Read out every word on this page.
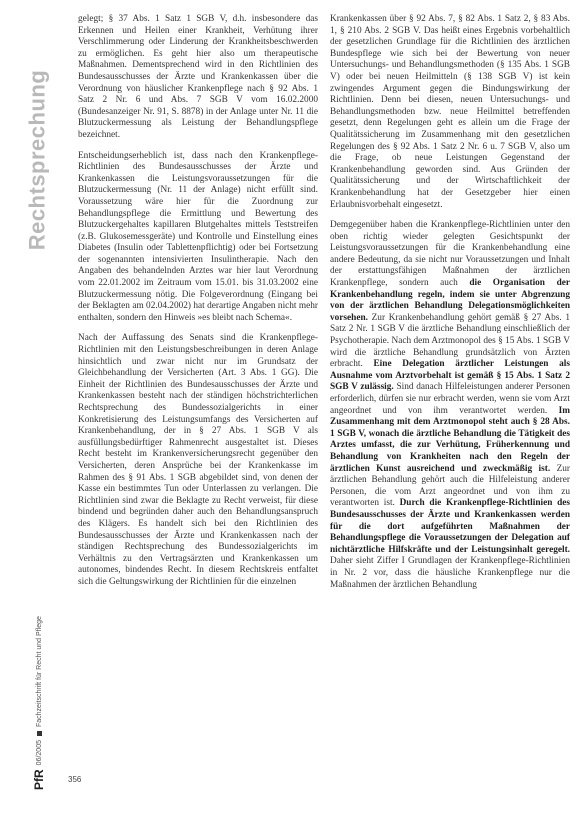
Rechtsprechung
PfR
06/2005
Fachzeitschrift für Recht und Pflege
356

gelegt; § 37 Abs. 1 Satz 1 SGB V, d.h. insbesondere das Erkennen und Heilen einer Krankheit, Verhütung ihrer Verschlimmerung oder Linderung der Krankheitsbeschwerden zu ermöglichen. Es geht hier also um therapeutische Maßnahmen. Dementsprechend wird in den Richtlinien des Bundesausschusses der Ärzte und Krankenkassen über die Verordnung von häuslicher Krankenpflege nach § 92 Abs. 1 Satz 2 Nr. 6 und Abs. 7 SGB V vom 16.02.2000 (Bundesanzeiger Nr. 91, S. 8878) in der Anlage unter Nr. 11 die Blutzuckermessung als Leistung der Behandlungspflege bezeichnet.

Entscheidungserheblich ist, dass nach den Krankenpflege-Richtlinien des Bundesausschusses der Ärzte und Krankenkassen die Leistungsvoraussetzungen für die Blutzuckermessung (Nr. 11 der Anlage) nicht erfüllt sind. Voraussetzung wäre hier für die Zuordnung zur Behandlungspflege die Ermittlung und Bewertung des Blutzuckergehaltes kapillaren Blutgehaltes mittels Teststreifen (z.B. Glukosemessgeräte) und Kontrolle und Einstellung eines Diabetes (Insulin oder Tablettenpflichtig) oder bei Fortsetzung der sogenannten intensivierten Insulintherapie. Nach den Angaben des behandelnden Arztes war hier laut Verordnung vom 22.01.2002 im Zeitraum vom 15.01. bis 31.03.2002 eine Blutzuckermessung nötig. Die Folgeverordnung (Eingang bei der Beklagten am 02.04.2002) hat derartige Angaben nicht mehr enthalten, sondern den Hinweis »es bleibt nach Schema«.

Nach der Auffassung des Senats sind die Krankenpflege-Richtlinien mit den Leistungsbeschreibungen in deren Anlage hinsichtlich und zwar nicht nur im Grundsatz der Gleichbehandlung der Versicherten (Art. 3 Abs. 1 GG). Die Einheit der Richtlinien des Bundesausschusses der Ärzte und Krankenkassen besteht nach der ständigen höchstrichterlichen Rechtsprechung des Bundessozialgerichts in einer Konkretisierung des Leistungsumfangs des Versicherten auf Krankenbehandlung, der in § 27 Abs. 1 SGB V als ausfüllungsbedürftiger Rahmenrecht ausgestaltet ist. Dieses Recht besteht im Krankenversicherungsrecht gegenüber den Versicherten, deren Ansprüche bei der Krankenkasse im Rahmen des § 91 Abs. 1 SGB abgebildet sind, von denen der Kasse ein bestimmtes Tun oder Unterlassen zu verlangen. Die Richtlinien sind zwar die Beklagte zu Recht verweist, für diese bindend und begründen daher auch den Behandlungsanspruch des Klägers. Es handelt sich bei den Richtlinien des Bundesausschusses der Ärzte und Krankenkassen nach der ständigen Rechtsprechung des Bundessozialgerichts im Verhältnis zu den Vertragsärzten und Krankenkassen um autonomes, bindendes Recht. In diesem Rechtskreis entfaltet sich die Geltungswirkung der Richtlinien für die einzelnen

Krankenkassen über § 92 Abs. 7, § 82 Abs. 1 Satz 2, § 83 Abs. 1, § 210 Abs. 2 SGB V. Das heißt eines Ergebnis vorbehaltlich der gesetzlichen Grundlage für die Richtlinien des ärztlichen Bundespflege wie sich bei der Bewertung von neuer Untersuchungs- und Behandlungsmethoden (§ 135 Abs. 1 SGB V) oder bei neuen Heilmitteln (§ 138 SGB V) ist kein zwingendes Argument gegen die Bindungswirkung der Richtlinien. Denn bei diesen, neuen Untersuchungs- und Behandlungsmethoden bzw. neue Heilmittel betreffenden gesetzt, denn Regelungen geht es allein um die Frage der Qualitätssicherung im Zusammenhang mit den gesetzlichen Regelungen des § 92 Abs. 1 Satz 2 Nr. 6 u. 7 SGB V, also um die Frage, ob neue Leistungen Gegenstand der Krankenbehandlung geworden sind. Aus Gründen der Qualitätssicherung und der Wirtschaftlichkeit der Krankenbehandlung hat der Gesetzgeber hier einen Erlaubnisvorbehalt eingesetzt.

Demgegenüber haben die Krankenpflege-Richtlinien unter den oben richtig wieder gelegten Gesichtspunkt der Leistungsvoraussetzungen für die Krankenbehandlung eine andere Bedeutung, da sie nicht nur Voraussetzungen und Inhalt der erstattungsfähigen Maßnahmen der ärztlichen Krankenpflege, sondern auch die Organisation der Krankenbehandlung regeln, indem sie unter Abgrenzung von der ärztlichen Behandlung Delegationsmöglichkeiten vorsehen. Zur Krankenbehandlung gehört gemäß § 27 Abs. 1 Satz 2 Nr. 1 SGB V die ärztliche Behandlung einschließlich der Psychotherapie. Nach dem Arztmonopol des § 15 Abs. 1 SGB V wird die ärztliche Behandlung grundsätzlich von Ärzten erbracht. Eine Delegation ärztlicher Leistungen als Ausnahme vom Arztvorbehalt ist gemäß § 15 Abs. 1 Satz 2 SGB V zulässig. Sind danach Hilfeleistungen anderer Personen erforderlich, dürfen sie nur erbracht werden, wenn sie vom Arzt angeordnet und von ihm verantwortet werden. Im Zusammenhang mit dem Arztmonopol steht auch § 28 Abs. 1 SGB V, wonach die ärztliche Behandlung die Tätigkeit des Arztes umfasst, die zur Verhütung, Früherkennung und Behandlung von Krankheiten nach den Regeln der ärztlichen Kunst ausreichend und zweckmäßig ist. Zur ärztlichen Behandlung gehört auch die Hilfeleistung anderer Personen, die vom Arzt angeordnet und von ihm zu verantworten ist. Durch die Krankenpflege-Richtlinien des Bundesausschusses der Ärzte und Krankenkassen werden für die dort aufgeführten Maßnahmen der Behandlungspflege die Voraussetzungen der Delegation auf nichtärztliche Hilfskräfte und der Leistungsinhalt geregelt. Daher sieht Ziffer I Grundlagen der Krankenpflege-Richtlinien in Nr. 2 vor, dass die häusliche Krankenpflege nur die Maßnahmen der ärztlichen Behandlung
